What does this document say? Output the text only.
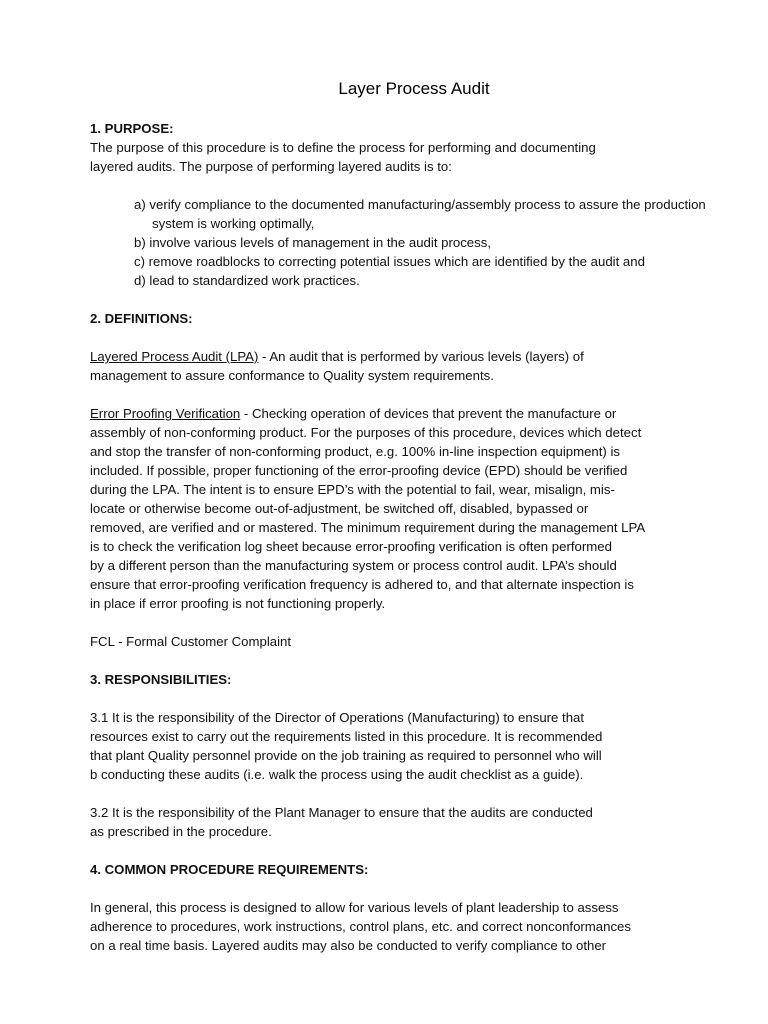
Layer Process Audit

1. PURPOSE:

The purpose of this procedure is to define the process for performing and documenting

layered audits. The purpose of performing layered audits is to:

a) verify compliance to the documented manufacturing/assembly process to assure the production system is working optimally,
b) involve various levels of management in the audit process,
c) remove roadblocks to correcting potential issues which are identified by the audit and
d) lead to standardized work practices.

2. DEFINITIONS:

Layered Process Audit (LPA) - An audit that is performed by various levels (layers) of

management to assure conformance to Quality system requirements.

Error Proofing Verification - Checking operation of devices that prevent the manufacture or

assembly of non-conforming product. For the purposes of this procedure, devices which detect

and stop the transfer of non-conforming product, e.g. 100% in-line inspection equipment) is

included. If possible, proper functioning of the error-proofing device (EPD) should be verified

during the LPA. The intent is to ensure EPD’s with the potential to fail, wear, misalign, mis-

locate or otherwise become out-of-adjustment, be switched off, disabled, bypassed or

removed, are verified and or mastered. The minimum requirement during the management LPA

is to check the verification log sheet because error-proofing verification is often performed

by a different person than the manufacturing system or process control audit. LPA’s should

ensure that error-proofing verification frequency is adhered to, and that alternate inspection is

in place if error proofing is not functioning properly.

FCL - Formal Customer Complaint

3. RESPONSIBILITIES:

3.1 It is the responsibility of the Director of Operations (Manufacturing) to ensure that

resources exist to carry out the requirements listed in this procedure. It is recommended

that plant Quality personnel provide on the job training as required to personnel who will

b conducting these audits (i.e. walk the process using the audit checklist as a guide).

3.2 It is the responsibility of the Plant Manager to ensure that the audits are conducted

as prescribed in the procedure.

4. COMMON PROCEDURE REQUIREMENTS:

In general, this process is designed to allow for various levels of plant leadership to assess

adherence to procedures, work instructions, control plans, etc. and correct nonconformances

on a real time basis. Layered audits may also be conducted to verify compliance to other
